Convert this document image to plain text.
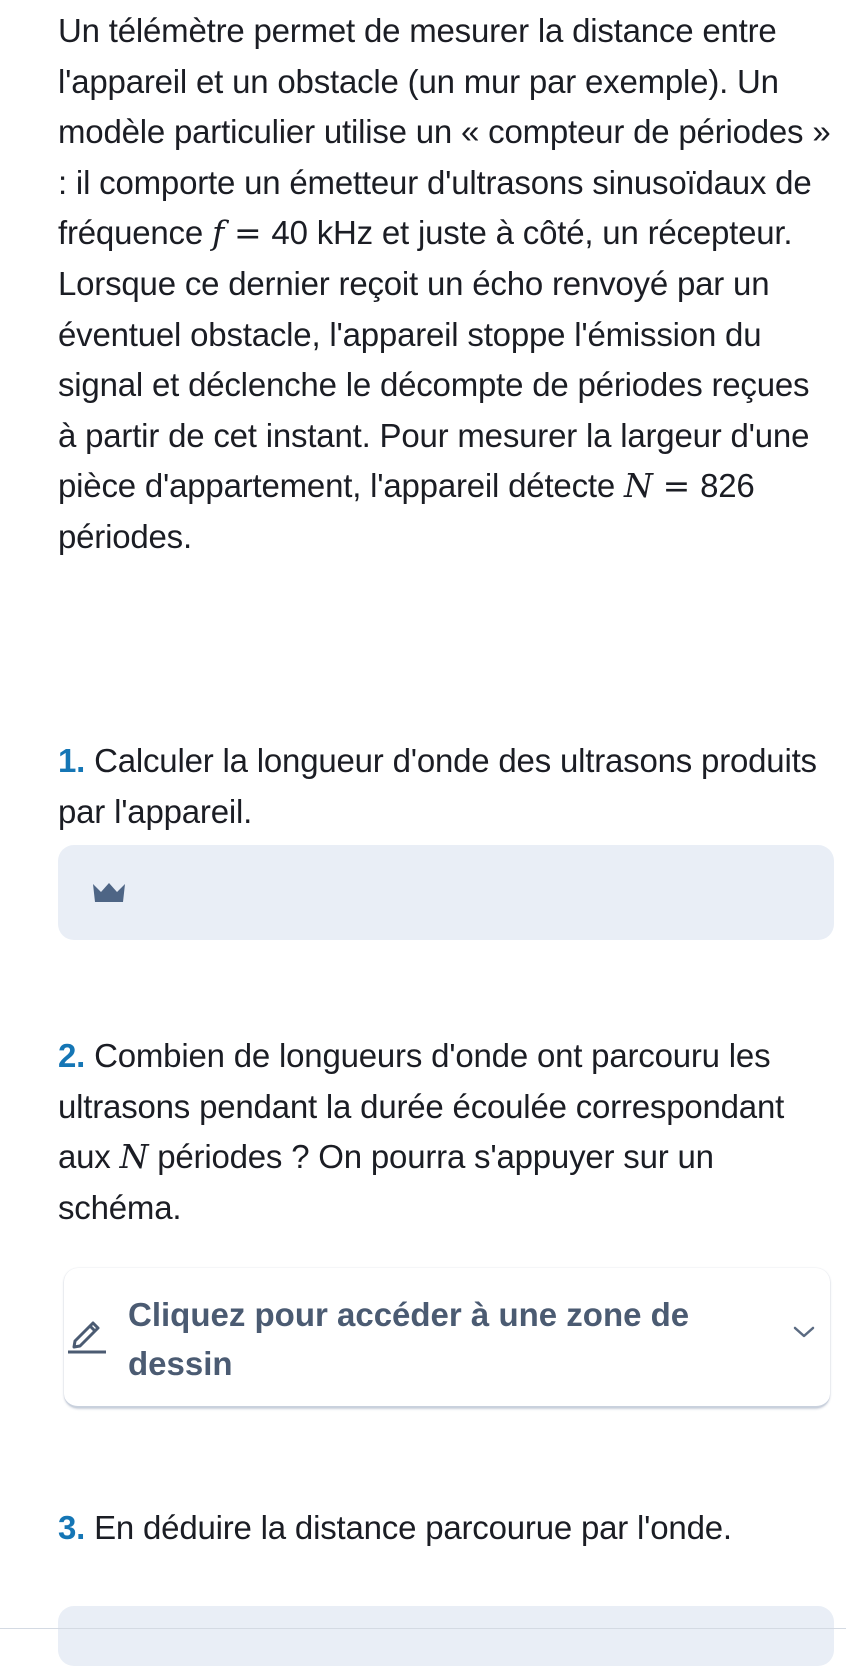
Un télémètre permet de mesurer la distance entre l'appareil et un obstacle (un mur par exemple). Un modèle particulier utilise un « compteur de périodes » : il comporte un émetteur d'ultrasons sinusoïdaux de fréquence f = 40 kHz et juste à côté, un récepteur. Lorsque ce dernier reçoit un écho renvoyé par un éventuel obstacle, l'appareil stoppe l'émission du signal et déclenche le décompte de périodes reçues à partir de cet instant. Pour mesurer la largeur d'une pièce d'appartement, l'appareil détecte N = 826 périodes.

1. Calculer la longueur d'onde des ultrasons produits par l'appareil.

2. Combien de longueurs d'onde ont parcouru les ultrasons pendant la durée écoulée correspondant aux N périodes ? On pourra s'appuyer sur un schéma.

Cliquez pour accéder à une zone de dessin

3. En déduire la distance parcourue par l'onde.
